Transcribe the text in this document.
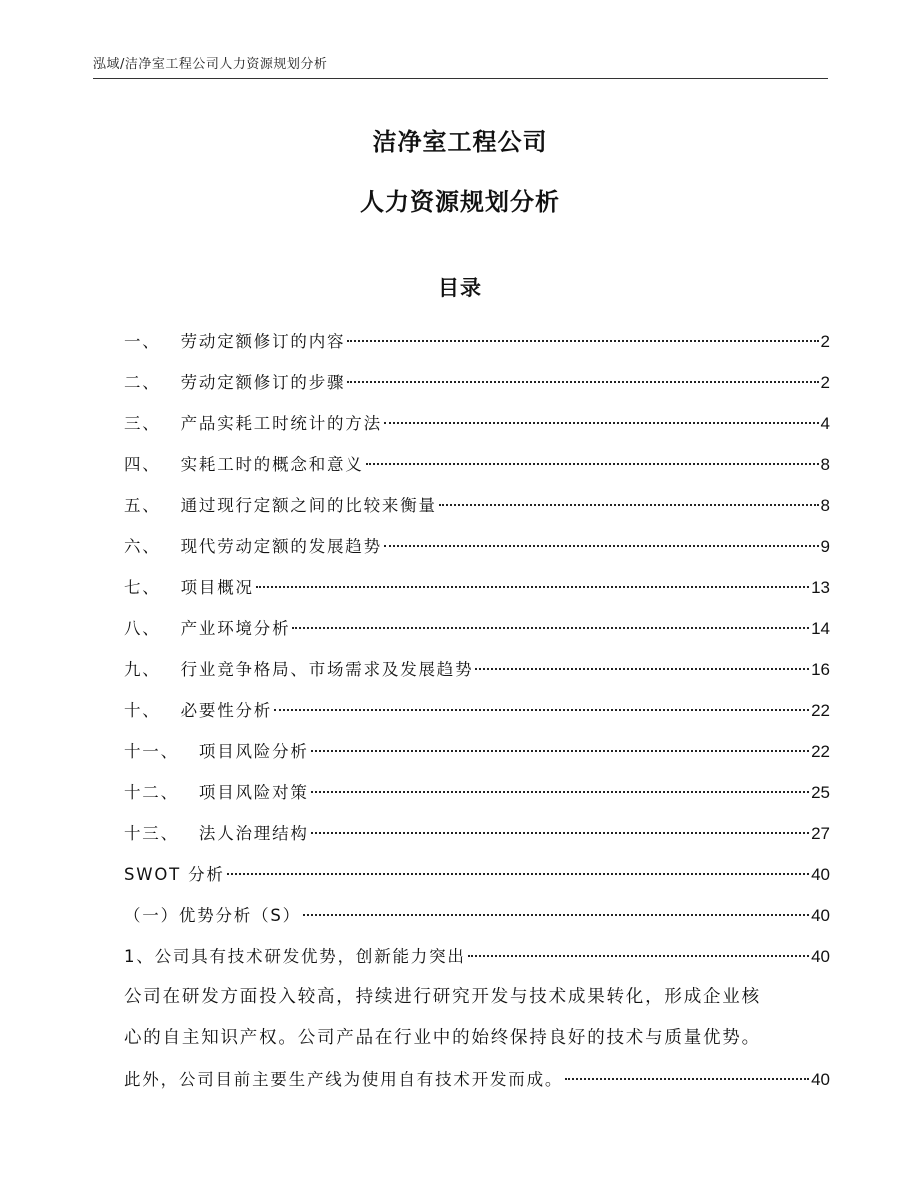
泓域/洁净室工程公司人力资源规划分析
洁净室工程公司
人力资源规划分析
目录
一、 劳动定额修订的内容	2
二、 劳动定额修订的步骤	2
三、 产品实耗工时统计的方法	4
四、 实耗工时的概念和意义	8
五、 通过现行定额之间的比较来衡量	8
六、 现代劳动定额的发展趋势	9
七、 项目概况	13
八、 产业环境分析	14
九、 行业竞争格局、市场需求及发展趋势	16
十、 必要性分析	22
十一、 项目风险分析	22
十二、 项目风险对策	25
十三、 法人治理结构	27
SWOT 分析	40
（一）优势分析（S）	40
1、公司具有技术研发优势，创新能力突出	40
公司在研发方面投入较高，持续进行研究开发与技术成果转化，形成企业核
心的自主知识产权。公司产品在行业中的始终保持良好的技术与质量优势。
此外，公司目前主要生产线为使用自有技术开发而成。	40
